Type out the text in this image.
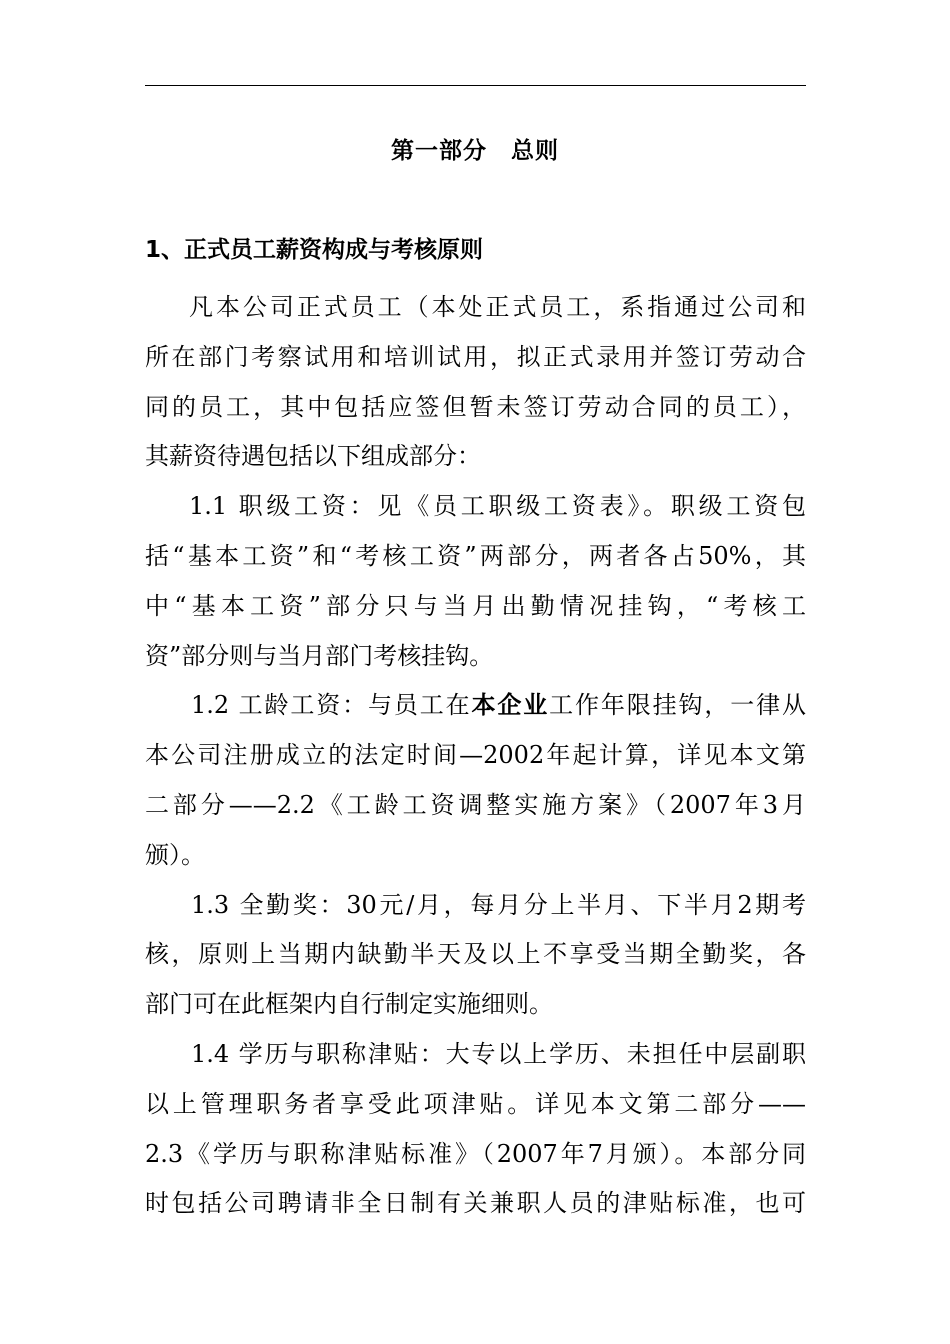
第一部分　总则
1、正式员工薪资构成与考核原则
凡本公司正式员工（本处正式员工，系指通过公司和
所在部门考察试用和培训试用，拟正式录用并签订劳动合
同的员工，其中包括应签但暂未签订劳动合同的员工），
其薪资待遇包括以下组成部分：
1.1 职级工资：见《员工职级工资表》。职级工资包
括“基本工资”和“考核工资”两部分，两者各占50%，其
中“基本工资”部分只与当月出勤情况挂钩，“考核工
资”部分则与当月部门考核挂钩。
1.2 工龄工资：与员工在本企业工作年限挂钩，一律从
本公司注册成立的法定时间—2002年起计算，详见本文第
二部分——2.2《工龄工资调整实施方案》（2007年3月
颁）。
1.3 全勤奖：30元/月，每月分上半月、下半月2期考
核，原则上当期内缺勤半天及以上不享受当期全勤奖，各
部门可在此框架内自行制定实施细则。
1.4 学历与职称津贴：大专以上学历、未担任中层副职
以上管理职务者享受此项津贴。详见本文第二部分——
2.3《学历与职称津贴标准》（2007年7月颁）。本部分同
时包括公司聘请非全日制有关兼职人员的津贴标准，也可
